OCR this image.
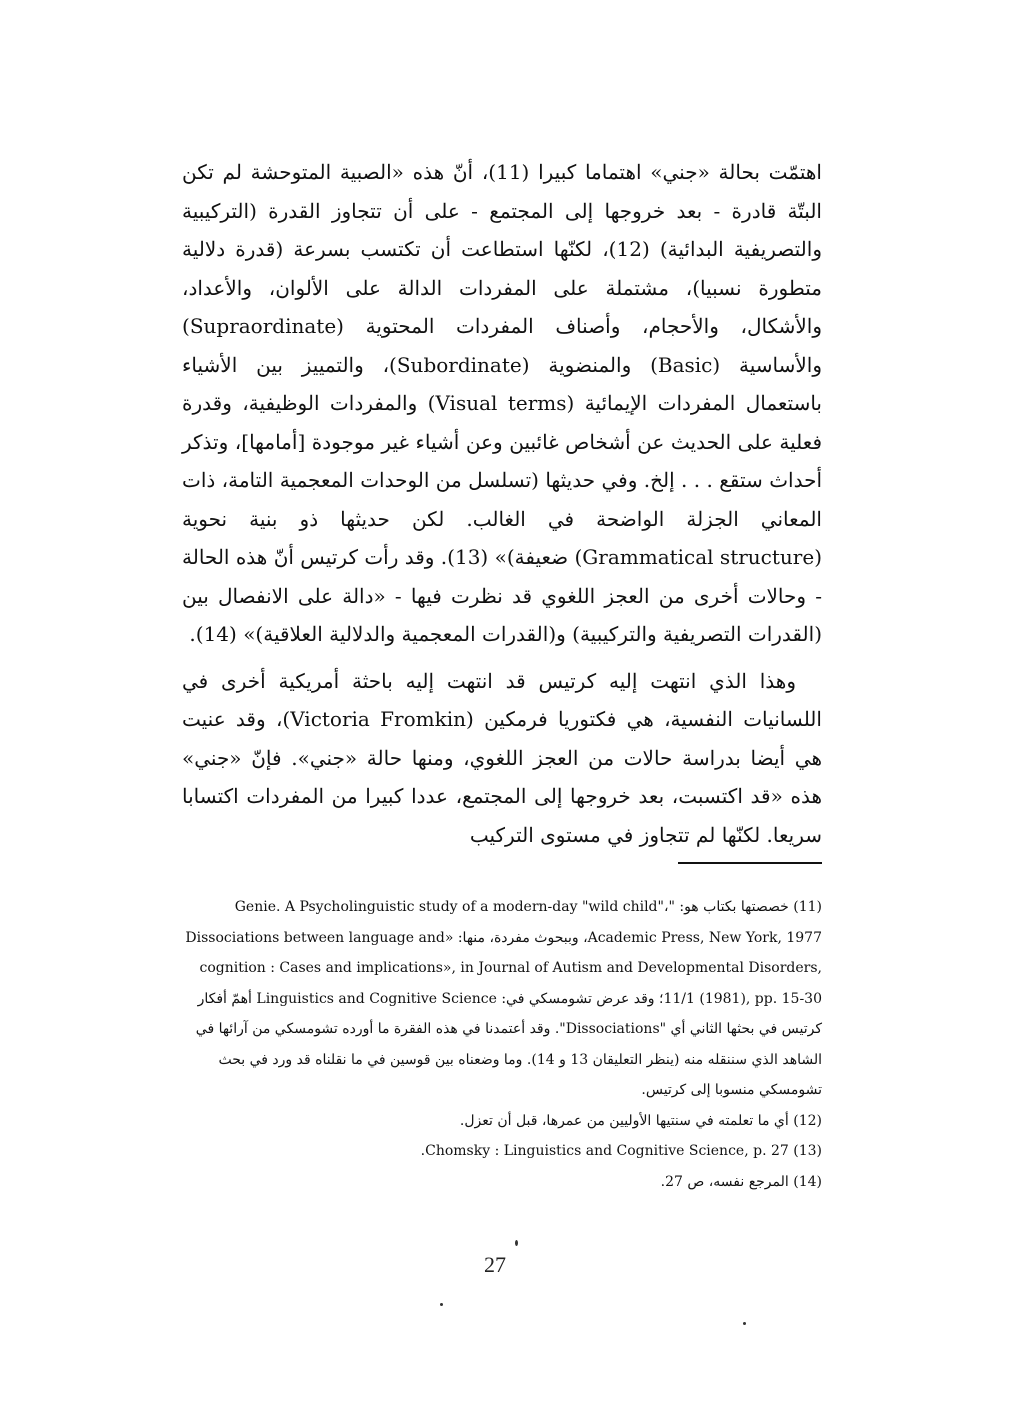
اهتمّت بحالة «جني» اهتماما كبيرا (11)، أنّ هذه «الصبية المتوحشة لم تكن البتّة قادرة - بعد خروجها إلى المجتمع - على أن تتجاوز القدرة (التركيبية والتصريفية البدائية) (12)، لكنّها استطاعت أن تكتسب بسرعة (قدرة دلالية متطورة نسبيا)، مشتملة على المفردات الدالة على الألوان، والأعداد، والأشكال، والأحجام، وأصناف المفردات المحتوية (Supraordinate) والأساسية (Basic) والمنضوية (Subordinate)، والتمييز بين الأشياء باستعمال المفردات الإيمائية (Visual terms) والمفردات الوظيفية، وقدرة فعلية على الحديث عن أشخاص غائبين وعن أشياء غير موجودة [أمامها]، وتذكر أحداث ستقع . . . إلخ. وفي حديثها (تسلسل من الوحدات المعجمية التامة، ذات المعاني الجزلة الواضحة في الغالب. لكن حديثها ذو بنية نحوية (Grammatical structure) ضعيفة)» (13). وقد رأت كرتيس أنّ هذه الحالة - وحالات أخرى من العجز اللغوي قد نظرت فيها - «دالة على الانفصال بين (القدرات التصريفية والتركيبية) و(القدرات المعجمية والدلالية العلاقية)» (14).

وهذا الذي انتهت إليه كرتيس قد انتهت إليه باحثة أمريكية أخرى في اللسانيات النفسية، هي فكتوريا فرمكين (Victoria Fromkin)، وقد عنيت هي أيضا بدراسة حالات من العجز اللغوي، ومنها حالة «جني». فإنّ «جني» هذه «قد اكتسبت، بعد خروجها إلى المجتمع، عددا كبيرا من المفردات اكتسابا سريعا. لكنّها لم تتجاوز في مستوى التركيب

(11) خصصتها بكتاب هو: "Genie. A Psycholinguistic study of a modern-day "wild child"، Academic Press, New York, 1977، وببحوث مفردة، منها: «Dissociations between language and cognition : Cases and implications», in Journal of Autism and Developmental Disorders, 11/1 (1981), pp. 15-30؛ وقد عرض تشومسكي في: Linguistics and Cognitive Science أهمّ أفكار كرتيس في بحثها الثاني أي "Dissociations". وقد أعتمدنا في هذه الفقرة ما أورده تشومسكي من آرائها في الشاهد الذي سننقله منه (ينظر التعليقان 13 و 14). وما وضعناه بين قوسين في ما نقلناه قد ورد في بحث تشومسكي منسوبا إلى كرتيس.

(12) أي ما تعلمته في سنتيها الأوليين من عمرها، قبل أن تعزل.

(13) Chomsky : Linguistics and Cognitive Science, p. 27.

(14) المرجع نفسه، ص 27.

27
